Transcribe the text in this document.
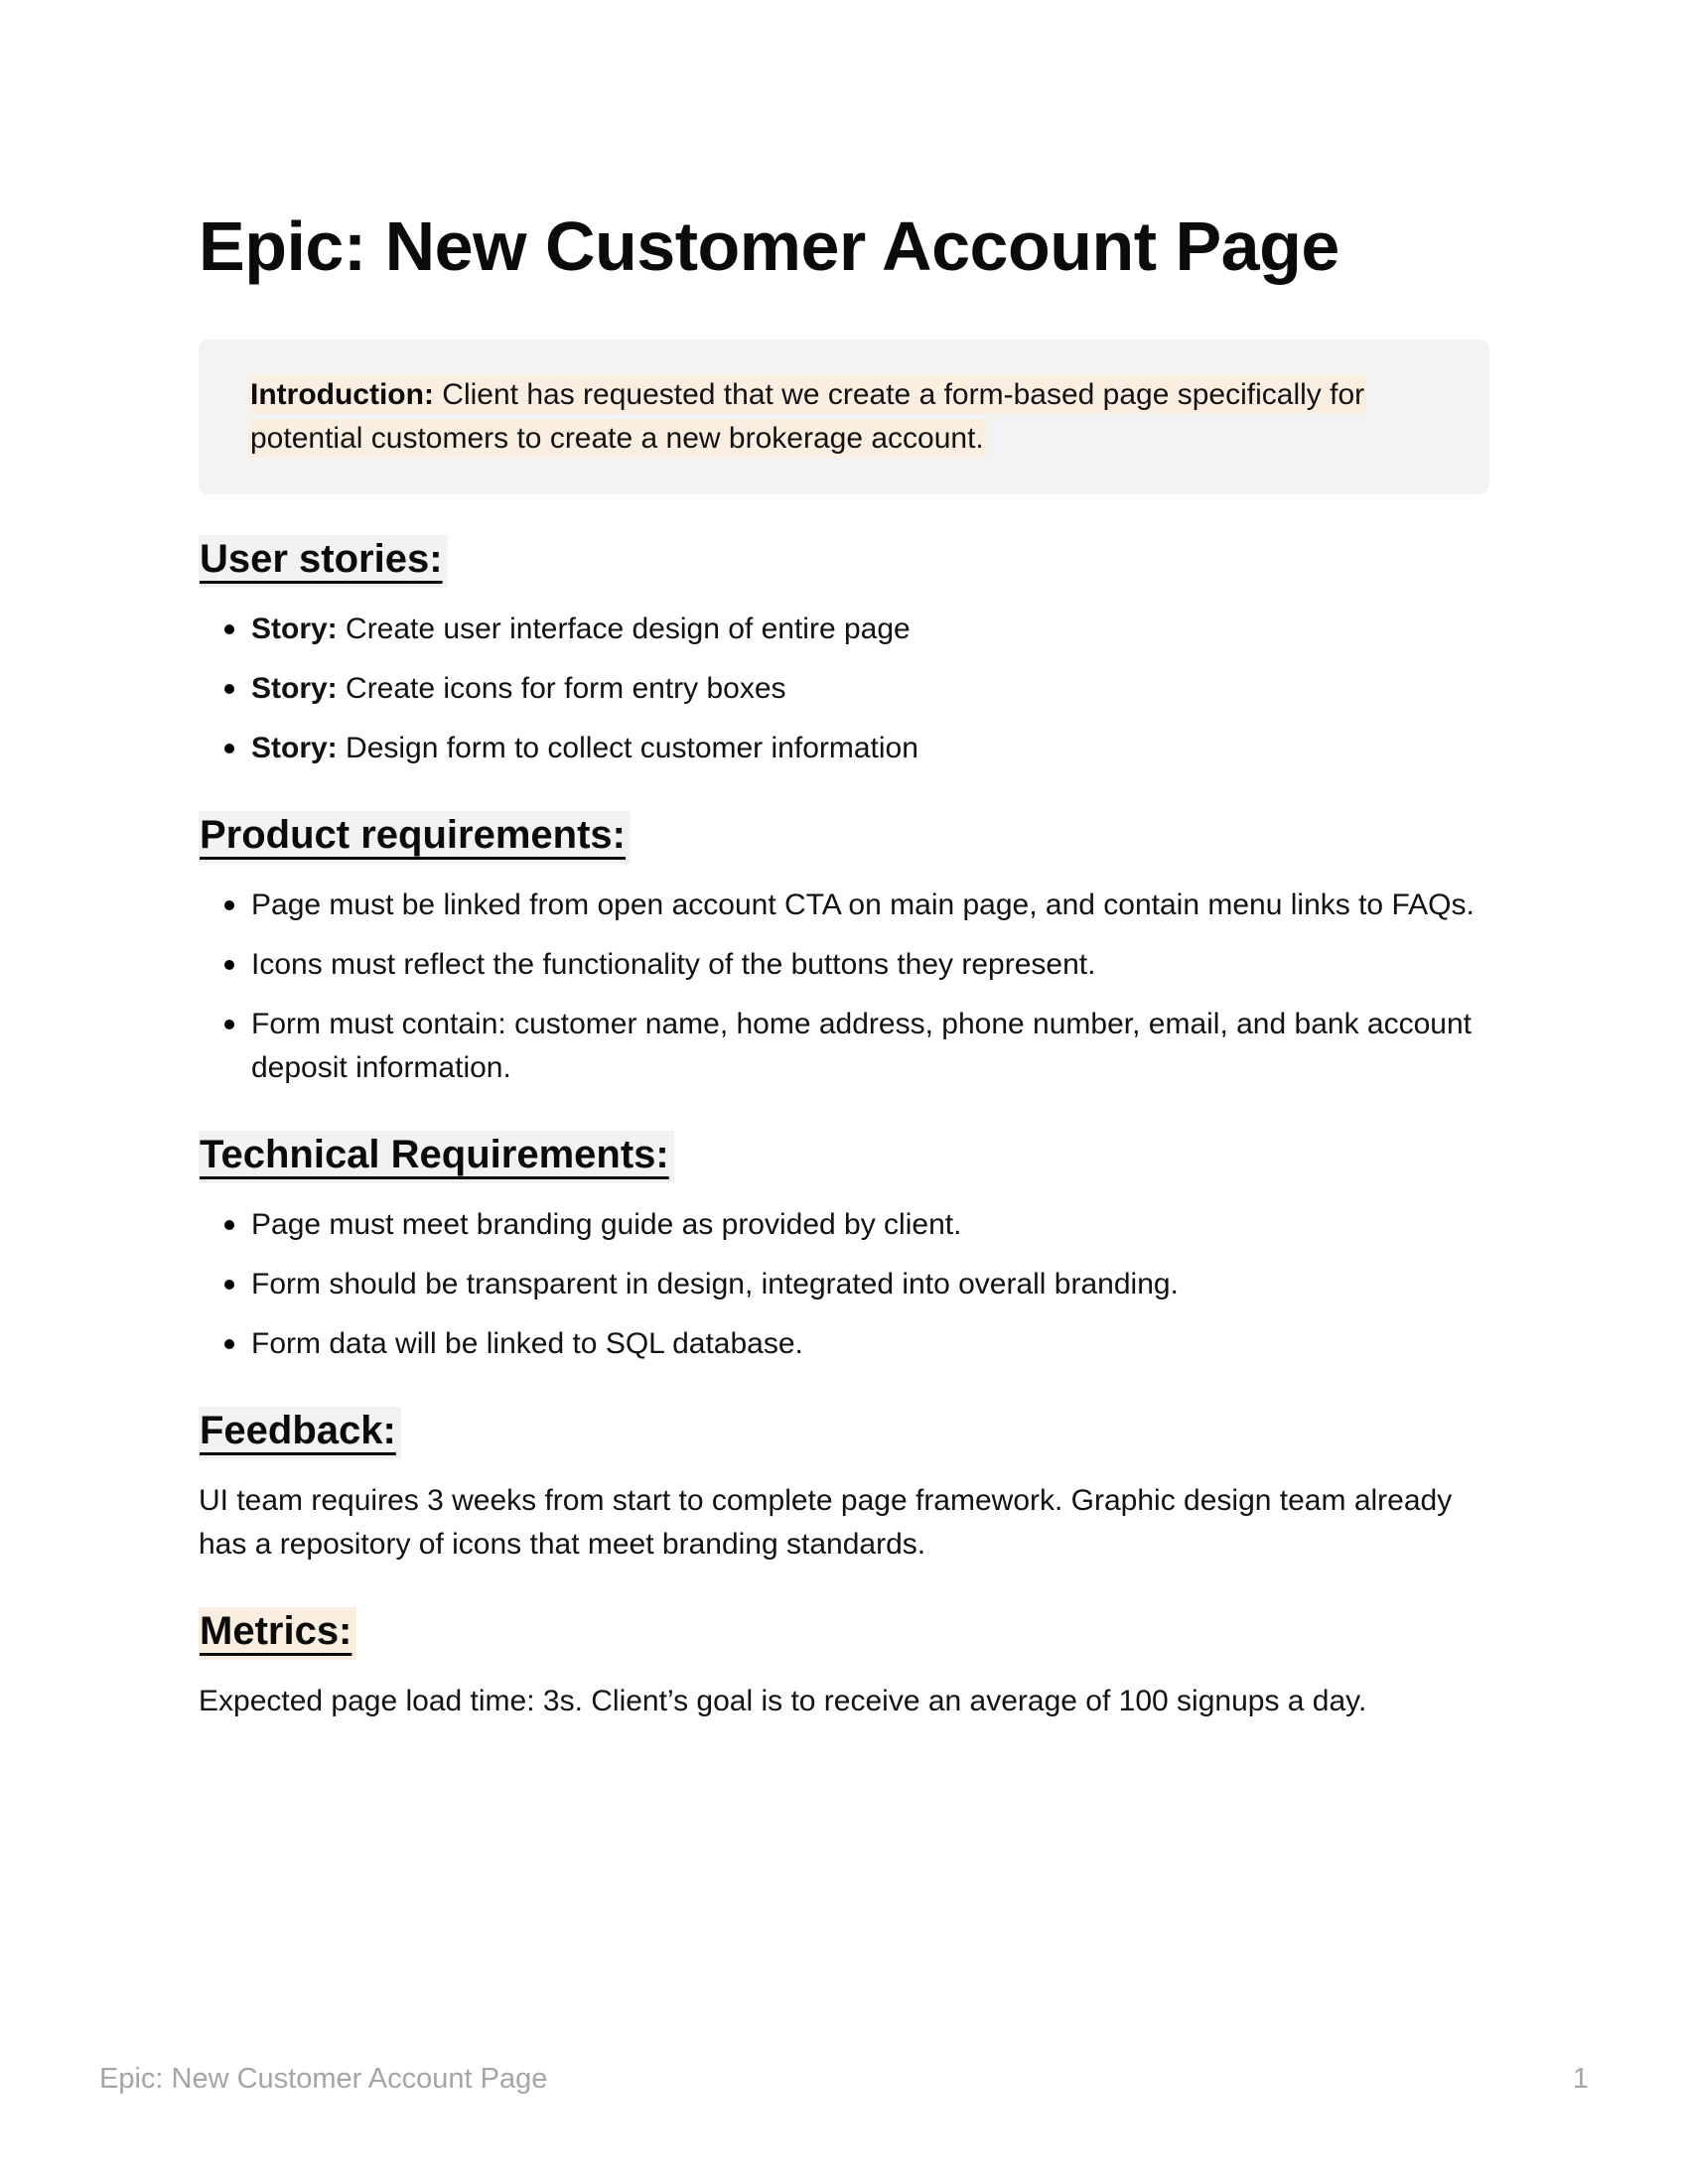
Epic: New Customer Account Page
Introduction: Client has requested that we create a form-based page specifically for potential customers to create a new brokerage account.
User stories:
Story: Create user interface design of entire page
Story: Create icons for form entry boxes
Story: Design form to collect customer information
Product requirements:
Page must be linked from open account CTA on main page, and contain menu links to FAQs.
Icons must reflect the functionality of the buttons they represent.
Form must contain: customer name, home address, phone number, email, and bank account deposit information.
Technical Requirements:
Page must meet branding guide as provided by client.
Form should be transparent in design, integrated into overall branding.
Form data will be linked to SQL database.
Feedback:

UI team requires 3 weeks from start to complete page framework. Graphic design team already has a repository of icons that meet branding standards.

Metrics:

Expected page load time: 3s. Client’s goal is to receive an average of 100 signups a day.

Epic: New Customer Account Page	1
